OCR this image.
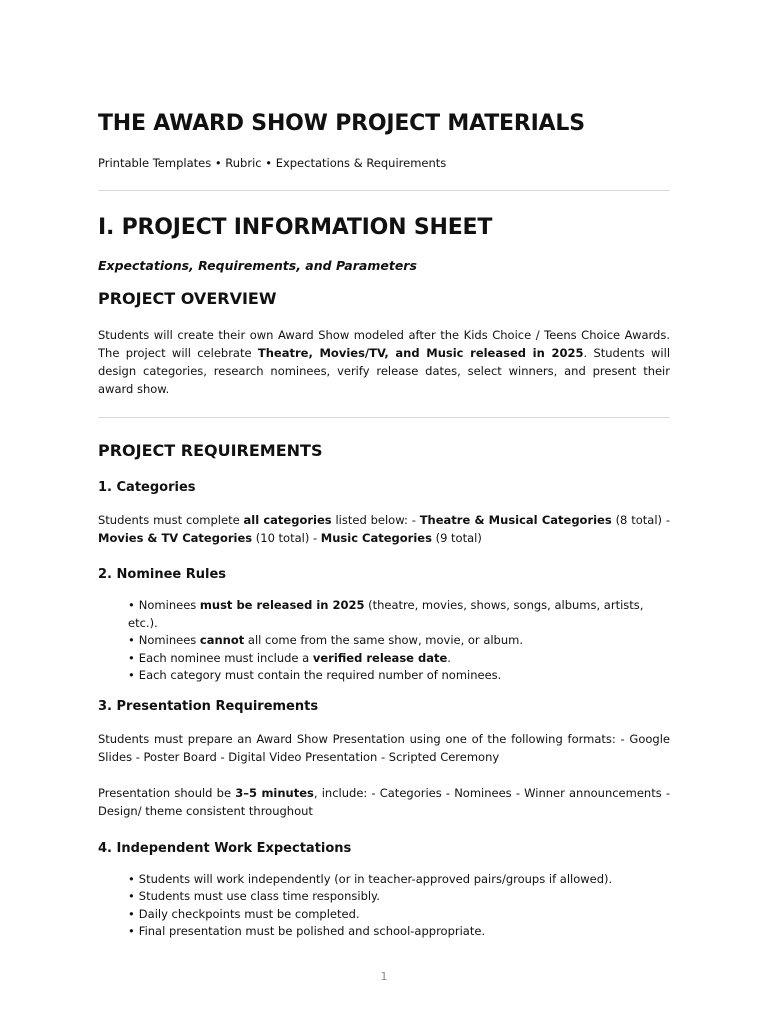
THE AWARD SHOW PROJECT MATERIALS
Printable Templates • Rubric • Expectations & Requirements
I. PROJECT INFORMATION SHEET
Expectations, Requirements, and Parameters
PROJECT OVERVIEW

Students will create their own Award Show modeled after the Kids Choice / Teens Choice Awards. The project will celebrate Theatre, Movies/TV, and Music released in 2025. Students will design categories, research nominees, verify release dates, select winners, and present their award show.

PROJECT REQUIREMENTS
1. Categories

Students must complete all categories listed below: - Theatre & Musical Categories (8 total) - Movies & TV Categories (10 total) - Music Categories (9 total)

2. Nominee Rules
• Nominees must be released in 2025 (theatre, movies, shows, songs, albums, artists, etc.).
• Nominees cannot all come from the same show, movie, or album.
• Each nominee must include a verified release date.
• Each category must contain the required number of nominees.
3. Presentation Requirements

Students must prepare an Award Show Presentation using one of the following formats: - Google Slides - Poster Board - Digital Video Presentation - Scripted Ceremony

Presentation should be 3–5 minutes, include: - Categories - Nominees - Winner announcements - Design/ theme consistent throughout

4. Independent Work Expectations
• Students will work independently (or in teacher-approved pairs/groups if allowed).
• Students must use class time responsibly.
• Daily checkpoints must be completed.
• Final presentation must be polished and school-appropriate.
1
